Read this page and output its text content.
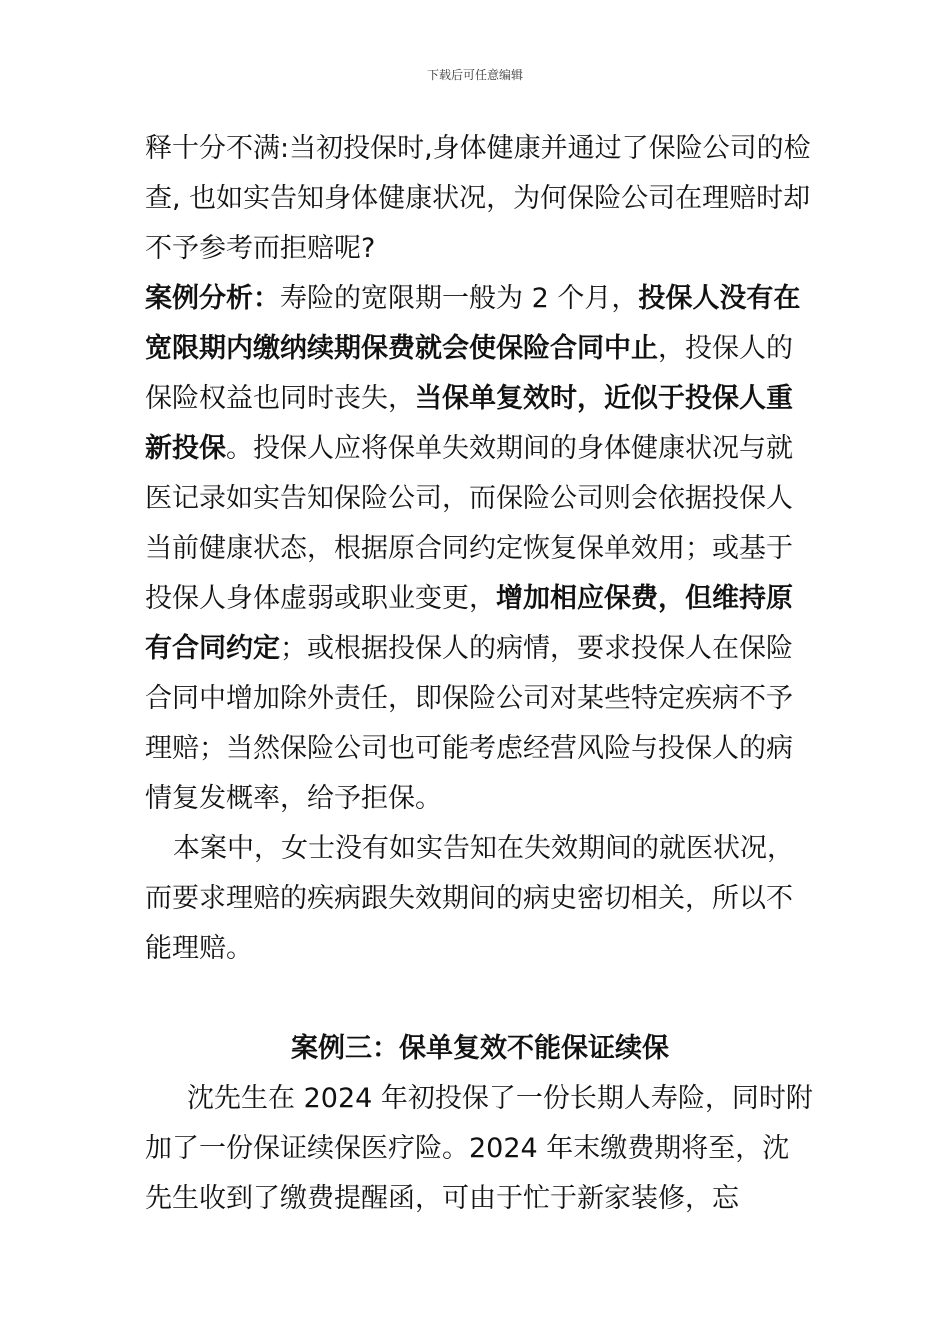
下载后可任意编辑

释十分不满:当初投保时,身体健康并通过了保险公司的检查, 也如实告知身体健康状况，为何保险公司在理赔时却不予参考而拒赔呢?

案例分析：寿险的宽限期一般为 2 个月，投保人没有在宽限期内缴纳续期保费就会使保险合同中止，投保人的保险权益也同时丧失，当保单复效时，近似于投保人重新投保。投保人应将保单失效期间的身体健康状况与就医记录如实告知保险公司，而保险公司则会依据投保人当前健康状态，根据原合同约定恢复保单效用；或基于投保人身体虚弱或职业变更，增加相应保费，但维持原有合同约定；或根据投保人的病情，要求投保人在保险合同中增加除外责任，即保险公司对某些特定疾病不予理赔；当然保险公司也可能考虑经营风险与投保人的病情复发概率，给予拒保。

本案中，女士没有如实告知在失效期间的就医状况，而要求理赔的疾病跟失效期间的病史密切相关，所以不能理赔。

案例三：保单复效不能保证续保

沈先生在 2024 年初投保了一份长期人寿险，同时附加了一份保证续保医疗险。2024 年末缴费期将至，沈先生收到了缴费提醒函，可由于忙于新家装修，忘
